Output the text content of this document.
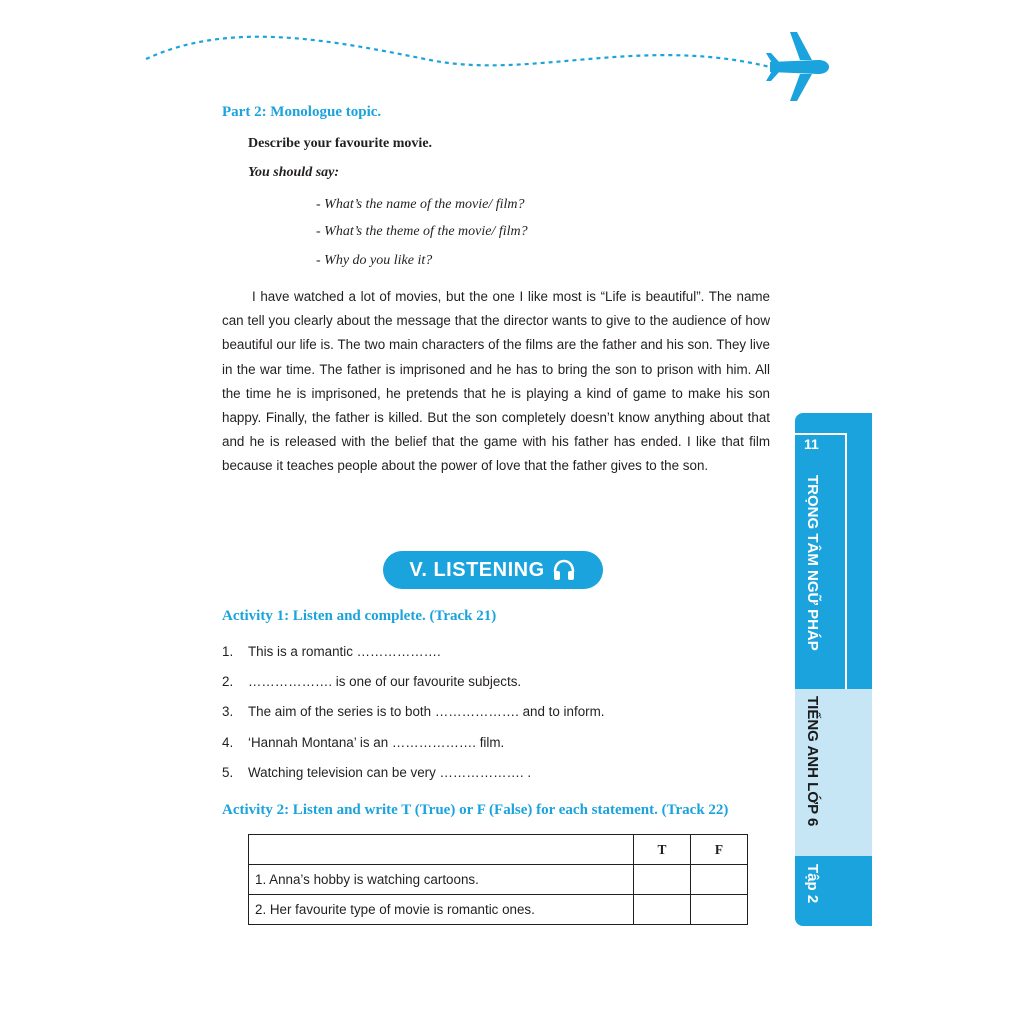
Part 2: Monologue topic.
Describe your favourite movie.
You should say:
- What’s the name of the movie/ film?
- What’s the theme of the movie/ film?
- Why do you like it?
I have watched a lot of movies, but the one I like most is “Life is beautiful”. The name can tell you clearly about the message that the director wants to give to the audience of how beautiful our life is. The two main characters of the films are the father and his son. They live in the war time. The father is imprisoned and he has to bring the son to prison with him. All the time he is imprisoned, he pretends that he is playing a kind of game to make his son happy. Finally, the father is killed. But the son completely doesn’t know anything about that and he is released with the belief that the game with his father has ended. I like that film because it teaches people about the power of love that the father gives to the son.
V. LISTENING
Activity 1: Listen and complete. (Track 21)
1. This is a romantic ……………….
2. ………………. is one of our favourite subjects.
3. The aim of the series is to both ………………. and to inform.
4. ‘Hannah Montana’ is an ………………. film.
5. Watching television can be very ………………. .
Activity 2: Listen and write T (True) or F (False) for each statement. (Track 22)
	T	F
1. Anna’s hobby is watching cartoons.		
2. Her favourite type of movie is romantic ones.		
11
TRỌNG TÂM NGỮ PHÁP
TIẾNG ANH LỚP 6
Tập 2
